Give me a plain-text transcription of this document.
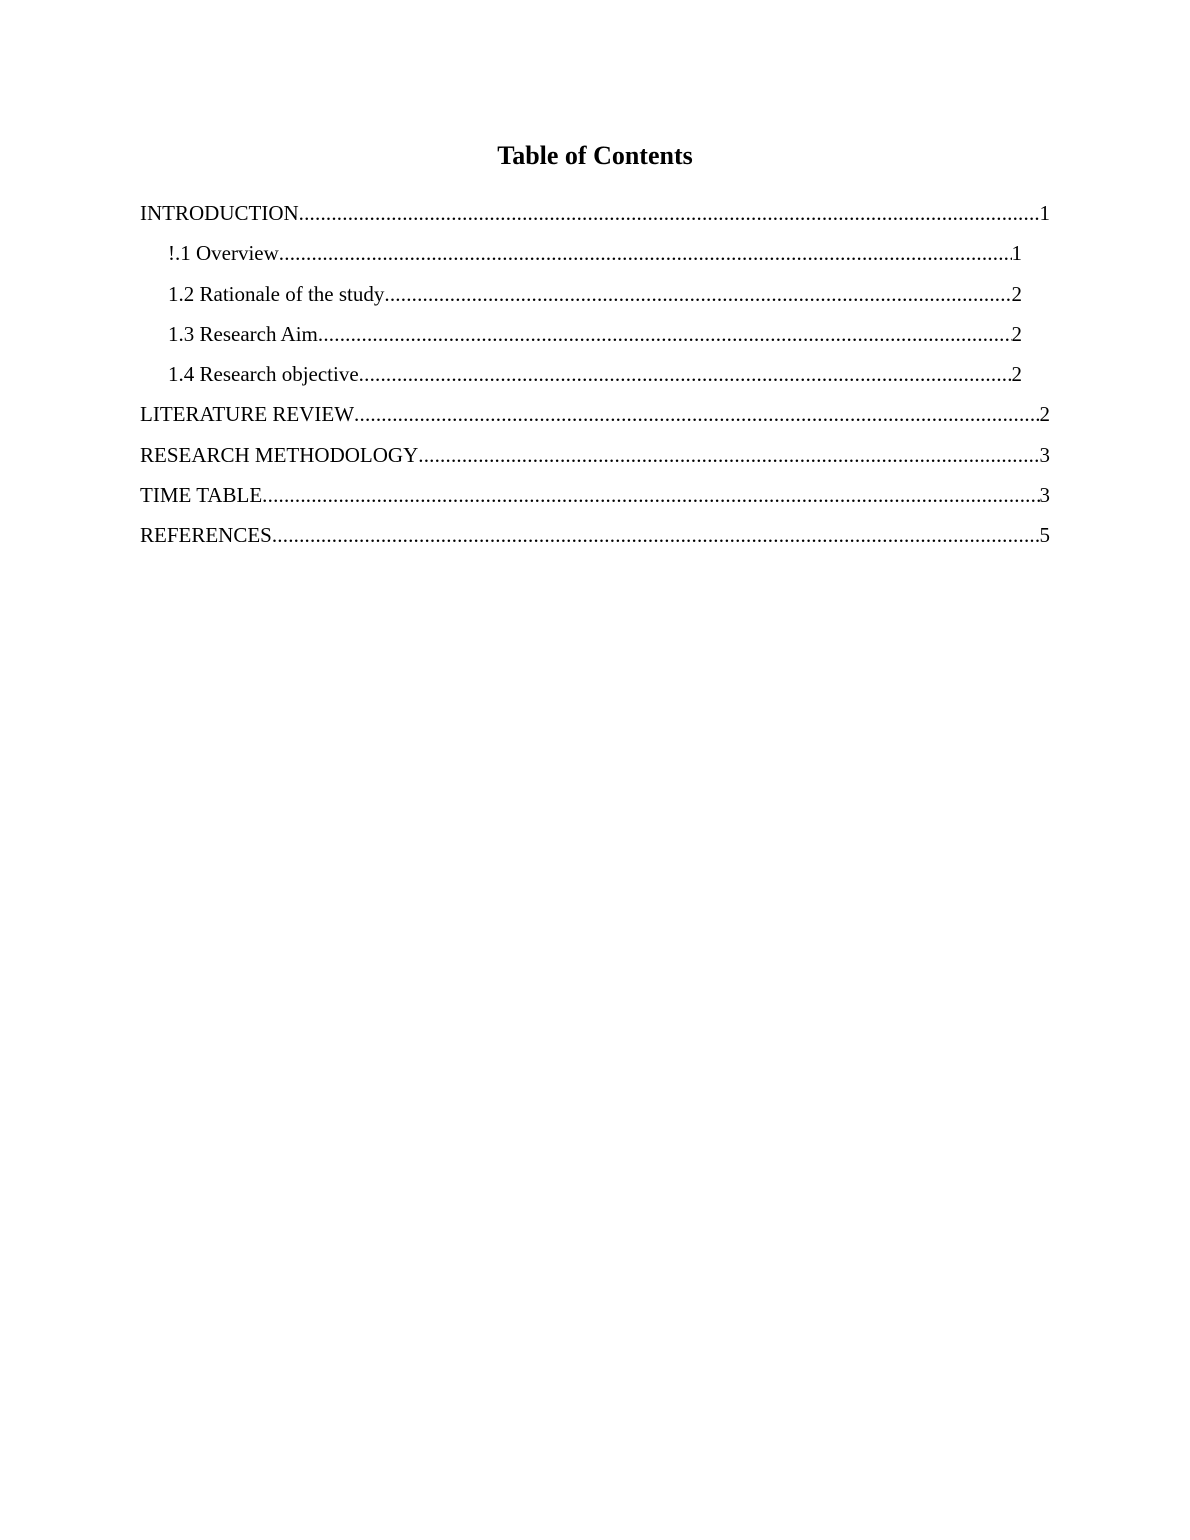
Table of Contents
INTRODUCTION .....	1
!.1 Overview .....	1
1.2 Rationale of the study .....	2
1.3 Research Aim .....	2
1.4 Research objective .....	2
LITERATURE REVIEW .....	2
RESEARCH METHODOLOGY .....	3
TIME TABLE .....	3
REFERENCES .....	5
